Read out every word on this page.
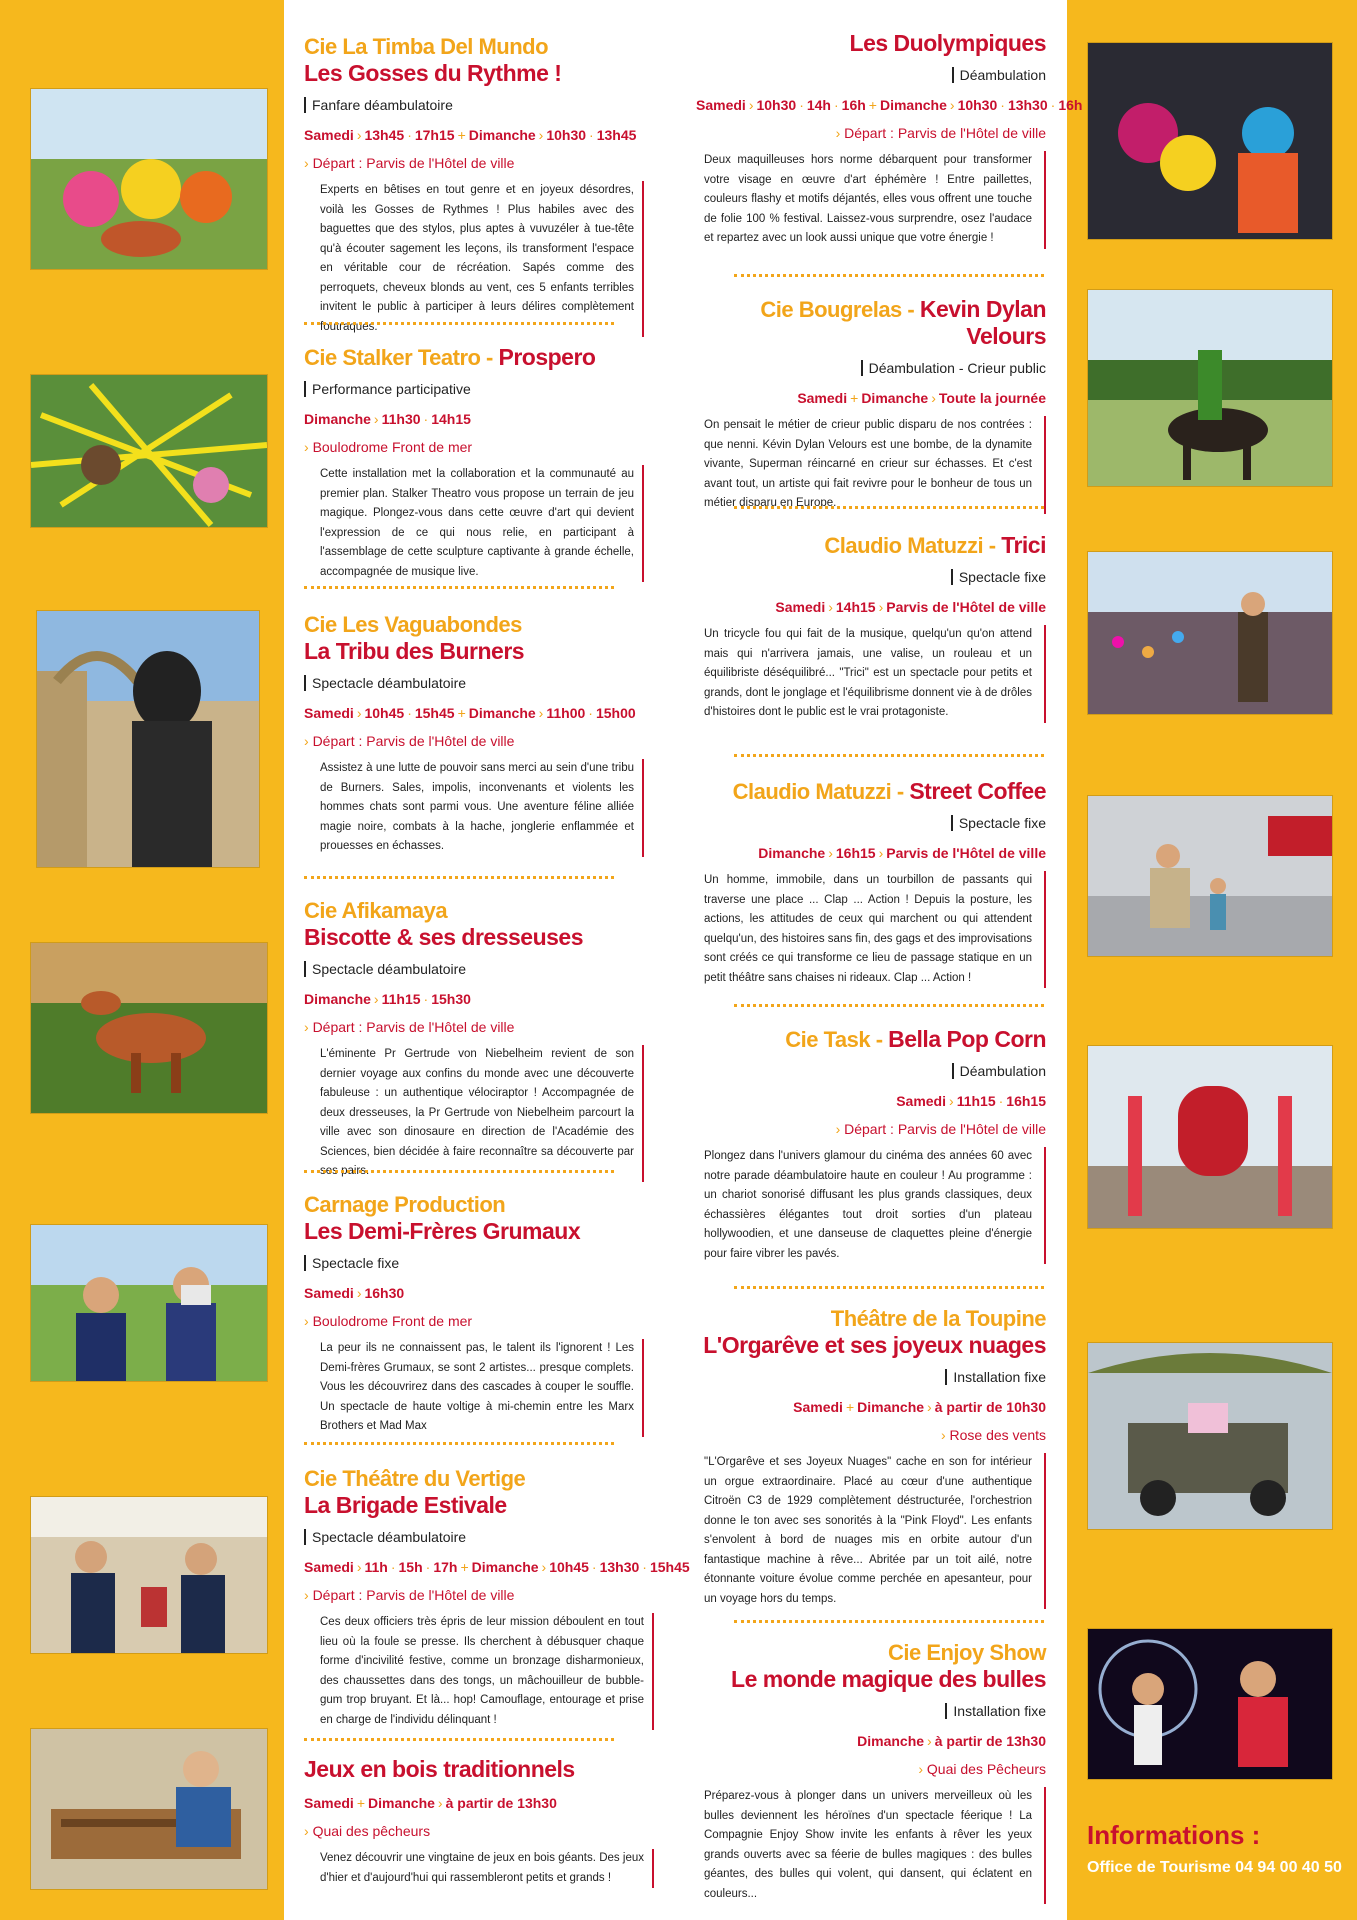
Cie La Timba Del Mundo
Les Gosses du Rythme !
Fanfare déambulatoire
Samedi › 13h45 · 17h15 + Dimanche › 10h30 · 13h45
› Départ : Parvis de l'Hôtel de ville
Experts en bêtises en tout genre et en joyeux désordres, voilà les Gosses de Rythmes ! Plus habiles avec des baguettes que des stylos, plus aptes à vuvuzéler à tue-tête qu'à écouter sagement les leçons, ils transforment l'espace en véritable cour de récréation. Sapés comme des perroquets, cheveux blonds au vent, ces 5 enfants terribles invitent le public à participer à leurs délires complètement foutraques.
Cie Stalker Teatro - Prospero
Performance participative
Dimanche › 11h30 · 14h15
› Boulodrome Front de mer
Cette installation met la collaboration et la communauté au premier plan. Stalker Theatro vous propose un terrain de jeu magique. Plongez-vous dans cette œuvre d'art qui devient l'expression de ce qui nous relie, en participant à l'assemblage de cette sculpture captivante à grande échelle, accompagnée de musique live.
Cie Les Vaguabondes
La Tribu des Burners
Spectacle déambulatoire
Samedi › 10h45 · 15h45 + Dimanche › 11h00 · 15h00
› Départ : Parvis de l'Hôtel de ville
Assistez à une lutte de pouvoir sans merci au sein d'une tribu de Burners. Sales, impolis, inconvenants et violents les hommes chats sont parmi vous. Une aventure féline alliée magie noire, combats à la hache, jonglerie enflammée et prouesses en échasses.
Cie Afikamaya
Biscotte & ses dresseuses
Spectacle déambulatoire
Dimanche › 11h15 · 15h30
› Départ : Parvis de l'Hôtel de ville
L'éminente Pr Gertrude von Niebelheim revient de son dernier voyage aux confins du monde avec une découverte fabuleuse : un authentique vélociraptor ! Accompagnée de deux dresseuses, la Pr Gertrude von Niebelheim parcourt la ville avec son dinosaure en direction de l'Académie des Sciences, bien décidée à faire reconnaître sa découverte par ses pairs.
Carnage Production
Les Demi-Frères Grumaux
Spectacle fixe
Samedi › 16h30
› Boulodrome Front de mer
La peur ils ne connaissent pas, le talent ils l'ignorent ! Les Demi-frères Grumaux, se sont 2 artistes... presque complets. Vous les découvrirez dans des cascades à couper le souffle. Un spectacle de haute voltige à mi-chemin entre les Marx Brothers et Mad Max
Cie Théâtre du Vertige
La Brigade Estivale
Spectacle déambulatoire
Samedi › 11h · 15h · 17h + Dimanche › 10h45 · 13h30 · 15h45
› Départ : Parvis de l'Hôtel de ville
Ces deux officiers très épris de leur mission déboulent en tout lieu où la foule se presse. Ils cherchent à débusquer chaque forme d'incivilité festive, comme un bronzage disharmonieux, des chaussettes dans des tongs, un mâchouilleur de bubble-gum trop bruyant. Et là... hop! Camouflage, entourage et prise en charge de l'individu délinquant !
Jeux en bois traditionnels
Samedi + Dimanche › à partir de 13h30
› Quai des pêcheurs
Venez découvrir une vingtaine de jeux en bois géants. Des jeux d'hier et d'aujourd'hui qui rassembleront petits et grands !
Les Duolympiques
Déambulation
Samedi › 10h30 · 14h · 16h + Dimanche › 10h30 · 13h30 · 16h
› Départ : Parvis de l'Hôtel de ville
Deux maquilleuses hors norme débarquent pour transformer votre visage en œuvre d'art éphémère ! Entre paillettes, couleurs flashy et motifs déjantés, elles vous offrent une touche de folie 100 % festival. Laissez-vous surprendre, osez l'audace et repartez avec un look aussi unique que votre énergie !
Cie Bougrelas - Kevin Dylan Velours
Déambulation - Crieur public
Samedi + Dimanche › Toute la journée
On pensait le métier de crieur public disparu de nos contrées : que nenni. Kévin Dylan Velours est une bombe, de la dynamite vivante, Superman réincarné en crieur sur échasses. Et c'est avant tout, un artiste qui fait revivre pour le bonheur de tous un métier disparu en Europe.
Claudio Matuzzi - Trici
Spectacle fixe
Samedi › 14h15 › Parvis de l'Hôtel de ville
Un tricycle fou qui fait de la musique, quelqu'un qu'on attend mais qui n'arrivera jamais, une valise, un rouleau et un équilibriste déséquilibré... "Trici" est un spectacle pour petits et grands, dont le jonglage et l'équilibrisme donnent vie à de drôles d'histoires dont le public est le vrai protagoniste.
Claudio Matuzzi - Street Coffee
Spectacle fixe
Dimanche › 16h15 › Parvis de l'Hôtel de ville
Un homme, immobile, dans un tourbillon de passants qui traverse une place ... Clap ... Action ! Depuis la posture, les actions, les attitudes de ceux qui marchent ou qui attendent quelqu'un, des histoires sans fin, des gags et des improvisations sont créés ce qui transforme ce lieu de passage statique en un petit théâtre sans chaises ni rideaux. Clap ... Action !
Cie Task - Bella Pop Corn
Déambulation
Samedi › 11h15 · 16h15
› Départ : Parvis de l'Hôtel de ville
Plongez dans l'univers glamour du cinéma des années 60 avec notre parade déambulatoire haute en couleur ! Au programme : un chariot sonorisé diffusant les plus grands classiques, deux échassières élégantes tout droit sorties d'un plateau hollywoodien, et une danseuse de claquettes pleine d'énergie pour faire vibrer les pavés.
Théâtre de la Toupine
L'Orgarêve et ses joyeux nuages
Installation fixe
Samedi + Dimanche › à partir de 10h30
› Rose des vents
"L'Orgarêve et ses Joyeux Nuages" cache en son for intérieur un orgue extraordinaire. Placé au cœur d'une authentique Citroën C3 de 1929 complètement déstructurée, l'orchestrion donne le ton avec ses sonorités à la "Pink Floyd". Les enfants s'envolent à bord de nuages mis en orbite autour d'un fantastique machine à rêve... Abritée par un toit ailé, notre étonnante voiture évolue comme perchée en apesanteur, pour un voyage hors du temps.
Cie Enjoy Show
Le monde magique des bulles
Installation fixe
Dimanche › à partir de 13h30
› Quai des Pêcheurs
Préparez-vous à plonger dans un univers merveilleux où les bulles deviennent les héroïnes d'un spectacle féerique ! La Compagnie Enjoy Show invite les enfants à rêver les yeux grands ouverts avec sa féerie de bulles magiques : des bulles géantes, des bulles qui volent, qui dansent, qui éclatent en couleurs...
Informations :
Office de Tourisme 04 94 00 40 50
